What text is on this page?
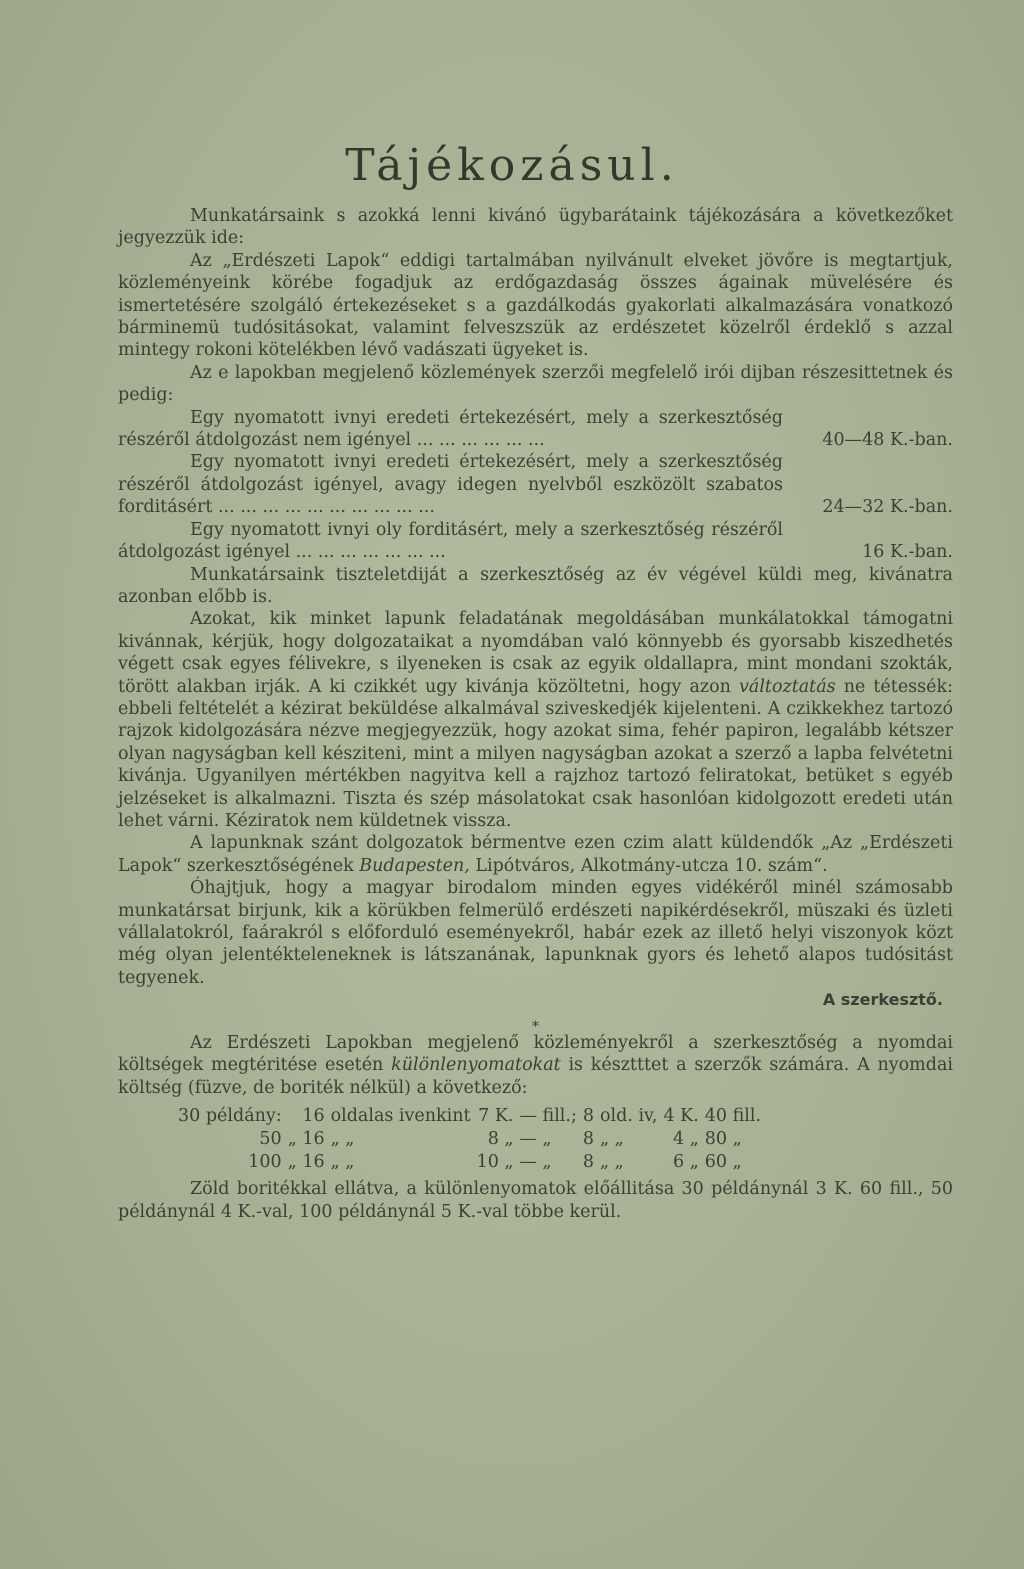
Tájékozásul.

Munkatársaink s azokká lenni kivánó ügybarátaink tájékozására a következőket jegyezzük ide:

Az „Erdészeti Lapok“ eddigi tartalmában nyilvánult elveket jövőre is megtartjuk, közleményeink körébe fogadjuk az erdőgazdaság összes ágainak müvelésére és ismertetésére szolgáló értekezéseket s a gazdálkodás gyakorlati alkalmazására vonatkozó bárminemü tudósitásokat, valamint felveszszük az erdészetet közelről érdeklő s azzal mintegy rokoni kötelékben lévő vadászati ügyeket is.

Az e lapokban megjelenő közlemények szerzői megfelelő irói dijban részesittetnek és pedig:

Egy nyomatott ivnyi eredeti értekezésért, mely a szerkesztőség részéről átdolgozást nem igényel ... ... ... ... ... ...	40—48 K.-ban.
Egy nyomatott ivnyi eredeti értekezésért, mely a szerkesztőség részéről átdolgozást igényel, avagy idegen nyelvből eszközölt szabatos forditásért ... ... ... ... ... ... ... ... ... ...	24—32 K.-ban.
Egy nyomatott ivnyi oly forditásért, mely a szerkesztőség részéről átdolgozást igényel ... ... ... ... ... ... ...	16 K.-ban.

Munkatársaink tiszteletdiját a szerkesztőség az év végével küldi meg, kivánatra azonban előbb is.

Azokat, kik minket lapunk feladatának megoldásában munkálatokkal támogatni kivánnak, kérjük, hogy dolgozataikat a nyomdában való könnyebb és gyorsabb kiszedhetés végett csak egyes félivekre, s ilyeneken is csak az egyik oldallapra, mint mondani szokták, törött alakban irják. A ki czikkét ugy kivánja közöltetni, hogy azon változtatás ne tétessék: ebbeli feltételét a kézirat beküldése alkalmával sziveskedjék kijelenteni. A czikkekhez tartozó rajzok kidolgozására nézve megjegyezzük, hogy azokat sima, fehér papiron, legalább kétszer olyan nagyságban kell késziteni, mint a milyen nagyságban azokat a szerző a lapba felvétetni kivánja. Ugyanilyen mértékben nagyitva kell a rajzhoz tartozó feliratokat, betüket s egyéb jelzéseket is alkalmazni. Tiszta és szép másolatokat csak hasonlóan kidolgozott eredeti után lehet várni. Kéziratok nem küldetnek vissza.

A lapunknak szánt dolgozatok bérmentve ezen czim alatt küldendők „Az „Erdészeti Lapok“ szerkesztőségének Budapesten, Lipótváros, Alkotmány-utcza 10. szám“.

Óhajtjuk, hogy a magyar birodalom minden egyes vidékéről minél számosabb munkatársat birjunk, kik a körükben felmerülő erdészeti napikérdésekről, müszaki és üzleti vállalatokról, faárakról s előforduló eseményekről, habár ezek az illető helyi viszonyok közt még olyan jelentékteleneknek is látszanának, lapunknak gyors és lehető alapos tudósitást tegyenek.

A szerkesztő.

*

Az Erdészeti Lapokban megjelenő közleményekről a szerkesztőség a nyomdai költségek megtéritése esetén különlenyomatokat is késztttet a szerzők számára. A nyomdai költség (füzve, de boriték nélkül) a következő:

30 példány:	16	oldalas ivenkint	7 K.	— fill.;	8	old. iv,	4 K.	40 fill.
50	„ 16	„ „	8 „	— „	8	„ „	4 „	80 „
100	„ 16	„ „	10 „	— „	8	„ „	6 „	60 „

Zöld boritékkal ellátva, a különlenyomatok előállitása 30 példánynál 3 K. 60 fill., 50 példánynál 4 K.-val, 100 példánynál 5 K.-val többe kerül.
